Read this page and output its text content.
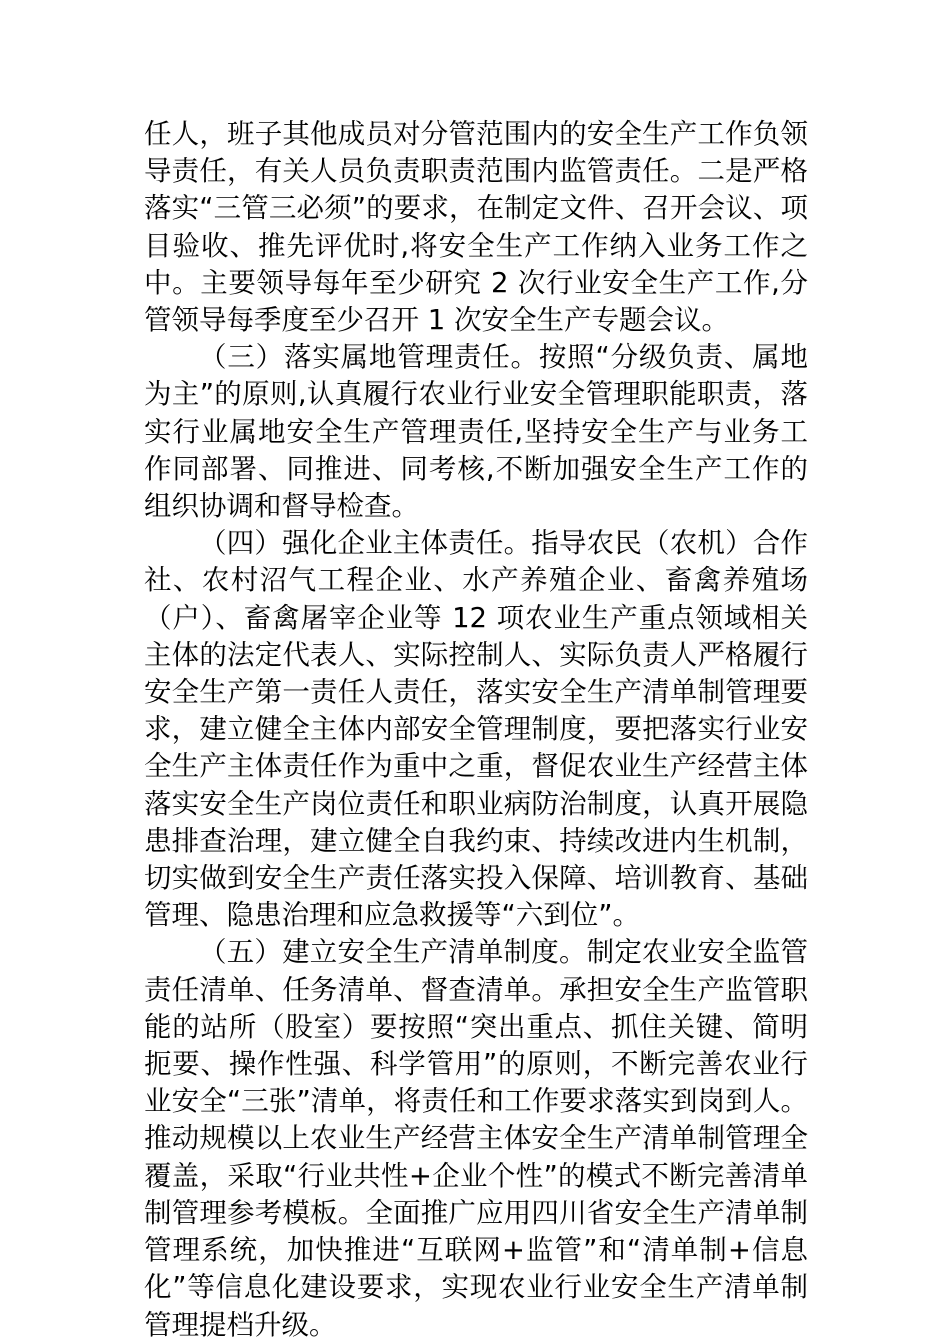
任人，班子其他成员对分管范围内的安全生产工作负领导责任，有关人员负责职责范围内监管责任。二是严格落实“三管三必须”的要求，在制定文件、召开会议、项目验收、推先评优时,将安全生产工作纳入业务工作之中。主要领导每年至少研究 2 次行业安全生产工作,分管领导每季度至少召开 1 次安全生产专题会议。

（三）落实属地管理责任。按照“分级负责、属地为主”的原则,认真履行农业行业安全管理职能职责，落实行业属地安全生产管理责任,坚持安全生产与业务工作同部署、同推进、同考核,不断加强安全生产工作的组织协调和督导检查。

（四）强化企业主体责任。指导农民（农机）合作社、农村沼气工程企业、水产养殖企业、畜禽养殖场（户）、畜禽屠宰企业等 12 项农业生产重点领域相关主体的法定代表人、实际控制人、实际负责人严格履行安全生产第一责任人责任，落实安全生产清单制管理要求，建立健全主体内部安全管理制度，要把落实行业安全生产主体责任作为重中之重，督促农业生产经营主体落实安全生产岗位责任和职业病防治制度，认真开展隐患排查治理，建立健全自我约束、持续改进内生机制，切实做到安全生产责任落实投入保障、培训教育、基础管理、隐患治理和应急救援等“六到位”。

（五）建立安全生产清单制度。制定农业安全监管责任清单、任务清单、督查清单。承担安全生产监管职能的站所（股室）要按照“突出重点、抓住关键、简明扼要、操作性强、科学管用”的原则，不断完善农业行业安全“三张”清单，将责任和工作要求落实到岗到人。推动规模以上农业生产经营主体安全生产清单制管理全覆盖，采取“行业共性+企业个性”的模式不断完善清单制管理参考模板。全面推广应用四川省安全生产清单制管理系统，加快推进“互联网+监管”和“清单制+信息化”等信息化建设要求，实现农业行业安全生产清单制管理提档升级。
